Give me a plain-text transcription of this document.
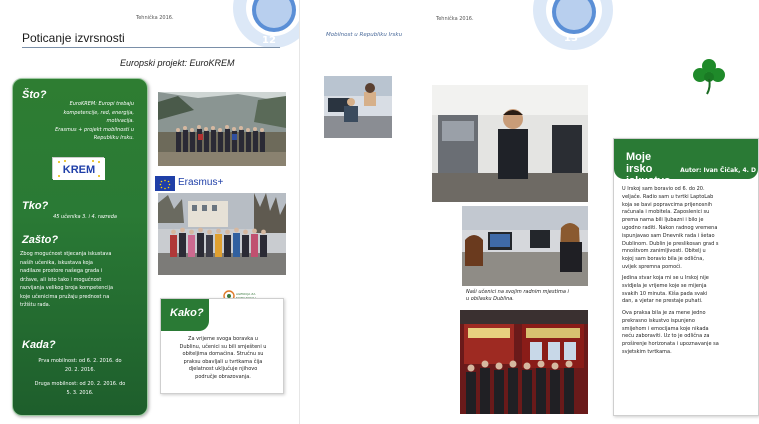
Tehnička 2016.
12
Poticanje izvrsnosti
Europski projekt: EuroKREM
Što?
EuroKREM: Europi trebaju
kompetencije, red, energija,
motivacija.
Erasmus + projekt mobilnosti u
Republiku Irsku.
KREM
Tko?
45 učenika 3. i 4. razreda
Zašto?
Zbog mogućnost stjecanja iskustava
naših učenika, iskustava koja
nadilaze prostore našega grada i
države, ali isto tako i mogućnost
razvijanja velikog broja kompetencija
koje učenicima pružaju prednost na
tržištu rada.
Kada?
Prva mobilnost: od 6. 2. 2016. do
20. 2. 2016.
Druga mobilnost: od 20. 2. 2016. do
5. 3. 2016.
Erasmus+
AGENCIJA ZA
Kako?
Za vrijeme svoga boravka u
Dublinu, učenici su bili smješteni u
obiteljima domaćina. Stručnu su
praksu obavljali u tvrtkama čija
djelatnost uključuje njihovo
područje obrazovanja.
Tehnička 2016.
13
Mobilnost u Republiku Irsku
Moje irsko iskustvo
Autor: Ivan Čičak, 4. D
U Irskoj sam boravio od 6. do 20.
veljače. Radio sam u tvrtki LaptoLab
koja se bavi popravcima prijenosnih
računala i mobitela. Zaposlenici su
prema nama bili ljubazni i bilo je
ugodno raditi. Nakon radnog vremena
ispunjavao sam Dnevnik rada i šetao
Dublinom. Dublin je preslikosan grad s
mnoštvom zanimljivosti. Obitelj u
kojoj sam boravio bila je odlična,
uvijek spremna pomoći.
Jedina stvar koja mi se u Irskoj nije
svidjela je vrijeme koje se mijenja
svakih 10 minuta. Kiša pada svaki
dan, a vjetar ne prestaje puhati.
Ova praksa bila je za mene jedno
prekrasno iskustvo ispunjeno
smijehom i emocijama koje nikada
neću zaboraviti. Uz to je odlična za
proširenje horizonata i upoznavanje sa
svjetskim tvrtkama.
Naši učenici na svojim radnim mjestima i
u obilasku Dublina.
